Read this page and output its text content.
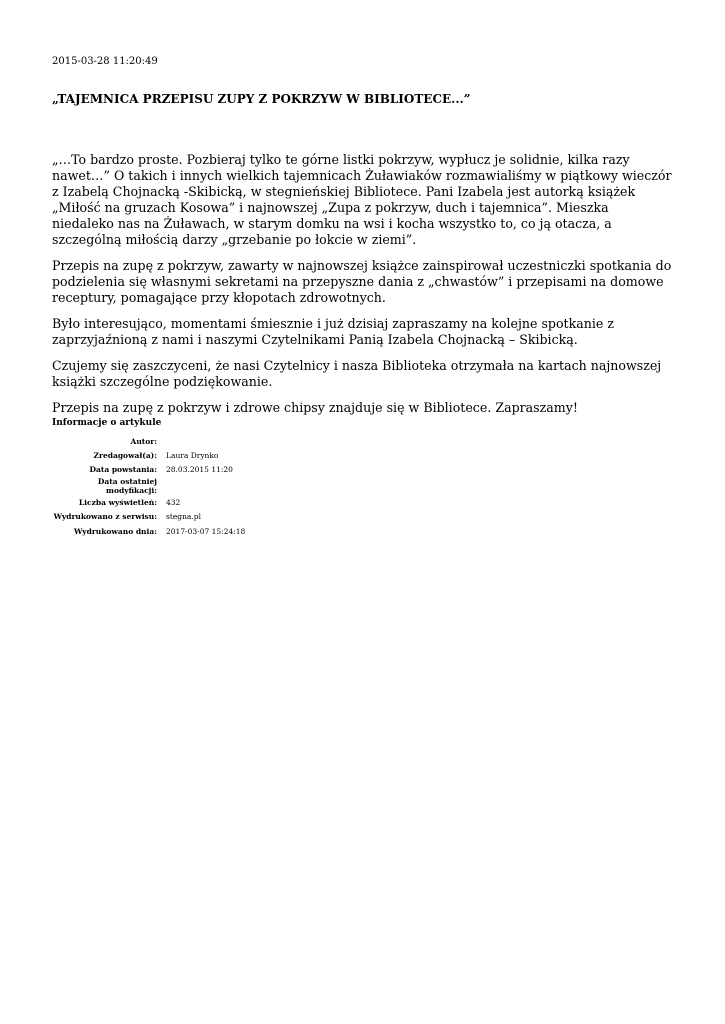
2015-03-28 11:20:49
„TAJEMNICA PRZEPISU ZUPY Z POKRZYW W BIBLIOTECE...”

„…To bardzo proste. Pozbieraj tylko te górne listki pokrzyw, wypłucz je solidnie, kilka razy nawet…” O takich i innych wielkich tajemnicach Żuławiaków rozmawialiśmy w piątkowy wieczór z Izabelą Chojnacką -Skibicką, w stegnieńskiej Bibliotece. Pani Izabela jest autorką książek „Miłość na gruzach Kosowa” i najnowszej „Zupa z pokrzyw, duch i tajemnica”. Mieszka niedaleko nas na Żuławach, w starym domku na wsi i kocha wszystko to, co ją otacza, a szczególną miłością darzy „grzebanie po łokcie w ziemi”.

Przepis na zupę z pokrzyw, zawarty w najnowszej książce zainspirował uczestniczki spotkania do podzielenia się własnymi sekretami na przepyszne dania z „chwastów” i przepisami na domowe receptury, pomagające przy kłopotach zdrowotnych.

Było interesująco, momentami śmiesznie i już dzisiaj zapraszamy na kolejne spotkanie z zaprzyjaźnioną z nami i naszymi Czytelnikami Panią Izabela Chojnacką – Skibicką.

Czujemy się zaszczyceni, że nasi Czytelnicy i nasza Biblioteka otrzymała na kartach najnowszej książki szczególne podziękowanie.

Przepis na zupę z pokrzyw i zdrowe chipsy znajduje się w Bibliotece. Zapraszamy!

Informacje o artykule
Autor:	
Zredagował(a):	Laura Drynko
Data powstania:	28.03.2015 11:20
Data ostatniej modyfikacji:	
Liczba wyświetleń:	432
Wydrukowano z serwisu:	stegna.pl
Wydrukowano dnia:	2017-03-07 15:24:18
